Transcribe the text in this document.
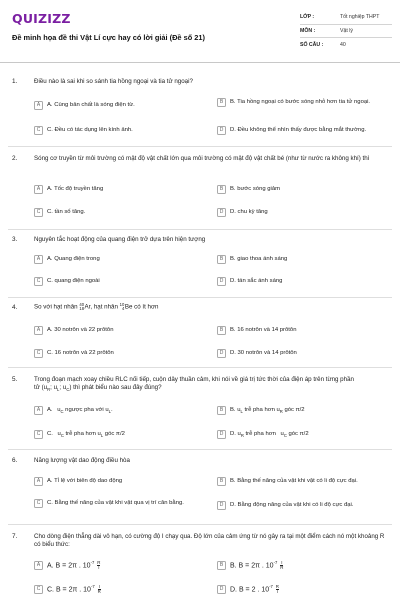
QUIZIZZ
Đề minh họa đề thi Vật Lí cực hay có lời giải (Đề số 21)
LỚP :	Tốt nghiệp THPT
MÔN :	Vật lý
SỐ CÂU :	40
1.	Điều nào là sai khi so sánh tia hồng ngoại và tia tử ngoại?
A	A. Cùng bản chất là sóng điện từ.	B	B. Tia hồng ngoại có bước sóng nhỏ hơn tia tử ngoại.
C	C. Đều có tác dụng lên kính ảnh.	D	D. Đều không thể nhìn thấy được bằng mắt thường.
2.	Sóng cơ truyền từ môi trường có mật độ vật chất lớn qua môi trường có mật độ vật chất bé (như từ nước ra không khí) thì
A	A. Tốc độ truyền tăng	B	B. bước sóng giảm
C	C. tần số tăng.	D	D. chu kỳ tăng
3.	Nguyên tắc hoạt động của quang điện trở dựa trên hiện tượng
A	A. Quang điện trong	B	B. giao thoa ánh sáng
C	C. quang điện ngoài	D	D. tán sắc ánh sáng
4.	So với hạt nhân 40
18 Ar, hạt nhân 10
4 Be có ít hơn
A	A. 30 notrôn và 22 prôtôn	B	B. 16 notrôn và 14 prôtôn
C	C. 16 notrôn và 22 prôtôn	D	D. 30 notrôn và 14 prôtôn
5.	Trong đoạn mạch xoay chiều RLC nối tiếp, cuộn dây thuần cảm, khi nói về giá trị tức thời của điện áp trên từng phần
tử ($u_R$; $u_L$; $u_C$) thì phát biểu nào sau đây đúng?
A	A. $u_C$ ngược pha với $u_L$.	B	B. $u_L$ trễ pha hơn $u_R$ góc π/2
C	C. $u_C$ trễ pha hơn $u_L$ góc π/2	D	D. $u_R$ trễ pha hơn $u_C$ góc π/2
6.	Năng lượng vật dao động điều hòa
A	A. Tỉ lệ với biên độ dao động	B	B. Bằng thế năng của vật khi vật có li độ cực đại.
C	C. Bằng thế năng của vật khi vật qua vị trí cân bằng.	D	D. Bằng động năng của vật khi có li độ cực đại.
7.	Cho dòng điện thẳng dài vô hạn, có cường độ I chạy qua. Độ lớn của cảm ứng từ nó gây ra tại một điểm cách nó một khoảng R có biểu thức:
A A. B = 2π . $10^{-7} \frac{R}{I}$	B B. B = 2π . $10^{-7} \frac{I}{R}$
C C. B = 2π . $10^{-7} \frac{I}{R}$	D D. B = 2 . $10^{-7} \frac{R}{I}$
